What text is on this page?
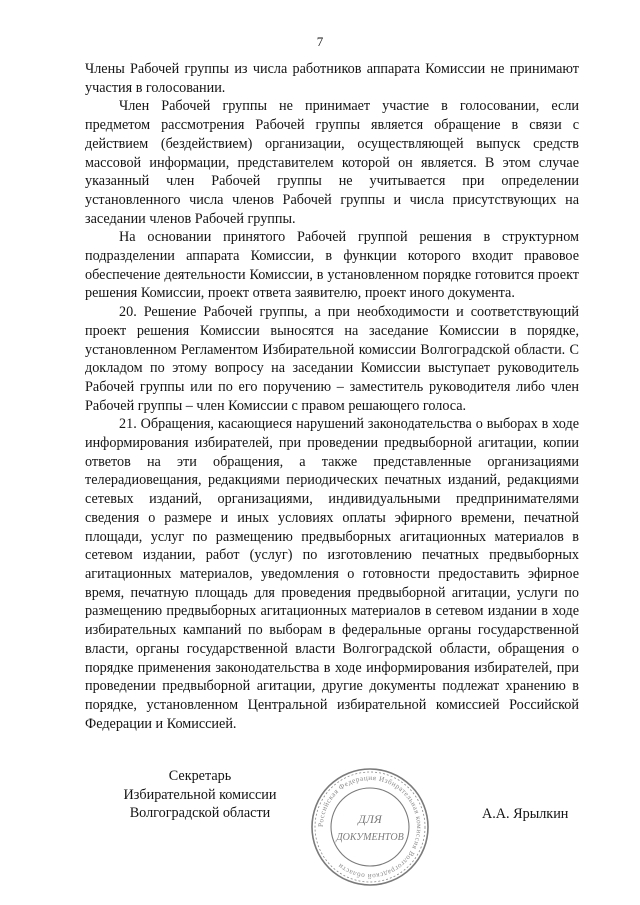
7

Члены Рабочей группы из числа работников аппарата Комиссии не принимают участия в голосовании.

Член Рабочей группы не принимает участие в голосовании, если предметом рассмотрения Рабочей группы является обращение в связи с действием (бездействием) организации, осуществляющей выпуск средств массовой информации, представителем которой он является. В этом случае указанный член Рабочей группы не учитывается при определении установленного числа членов Рабочей группы и числа присутствующих на заседании членов Рабочей группы.

На основании принятого Рабочей группой решения в структурном подразделении аппарата Комиссии, в функции которого входит правовое обеспечение деятельности Комиссии, в установленном порядке готовится проект решения Комиссии, проект ответа заявителю, проект иного документа.

20. Решение Рабочей группы, а при необходимости и соответствующий проект решения Комиссии выносятся на заседание Комиссии в порядке, установленном Регламентом Избирательной комиссии Волгоградской области. С докладом по этому вопросу на заседании Комиссии выступает руководитель Рабочей группы или по его поручению – заместитель руководителя либо член Рабочей группы – член Комиссии с правом решающего голоса.

21. Обращения, касающиеся нарушений законодательства о выборах в ходе информирования избирателей, при проведении предвыборной агитации, копии ответов на эти обращения, а также представленные организациями телерадиовещания, редакциями периодических печатных изданий, редакциями сетевых изданий, организациями, индивидуальными предпринимателями сведения о размере и иных условиях оплаты эфирного времени, печатной площади, услуг по размещению предвыборных агитационных материалов в сетевом издании, работ (услуг) по изготовлению печатных предвыборных агитационных материалов, уведомления о готовности предоставить эфирное время, печатную площадь для проведения предвыборной агитации, услуги по размещению предвыборных агитационных материалов в сетевом издании в ходе избирательных кампаний по выборам в федеральные органы государственной власти, органы государственной власти Волгоградской области, обращения о порядке применения законодательства в ходе информирования избирателей, при проведении предвыборной агитации, другие документы подлежат хранению в порядке, установленном Центральной избирательной комиссией Российской Федерации и Комиссией.

Секретарь
Избирательной комиссии
Волгоградской области
Российская Федерация Избирательная комиссия Волгоградской области
ДЛЯ
ДОКУМЕНТОВ
А.А. Ярылкин
